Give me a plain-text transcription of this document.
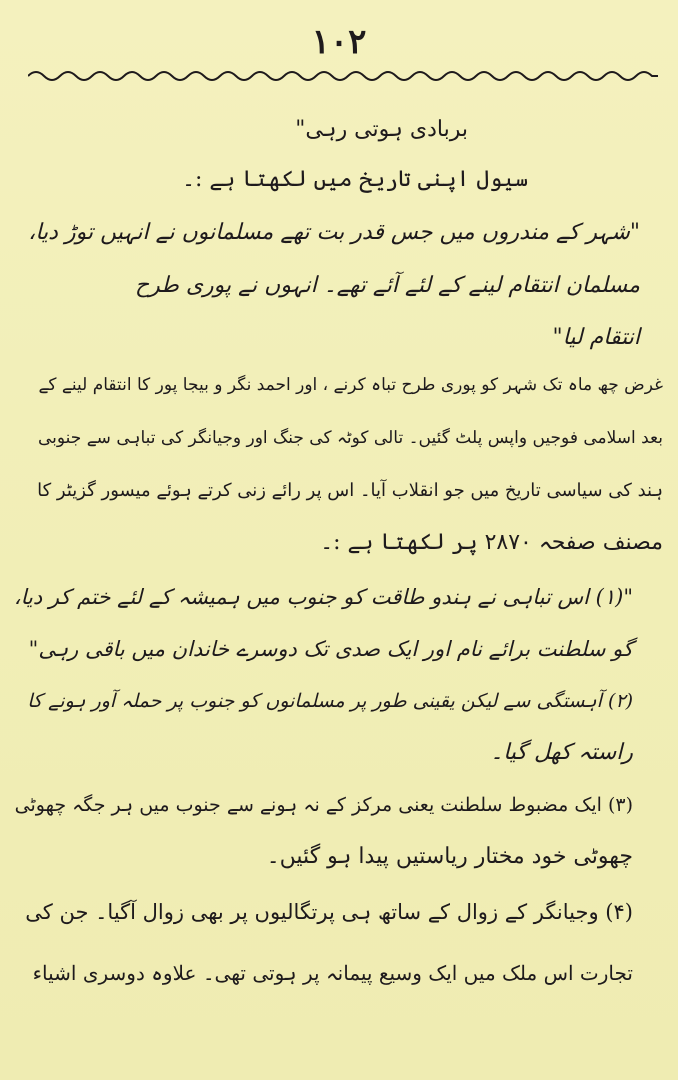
١٠٢
بربادی ہوتی رہی"
سیول اپنی تاریخ میں لکھتا ہے :۔
"شہر کے مندروں میں جس قدر بت تھے مسلمانوں نے انہیں توڑ دیا،
مسلمان انتقام لینے کے لئے آئے تھے۔ انہوں نے پوری طرح
انتقام لیا"
غرض چھ ماہ تک شہر کو پوری طرح تباہ کرنے ، اور احمد نگر و بیجا پور کا انتقام لینے کے
بعد اسلامی فوجیں واپس پلٹ گئیں۔ تالی کوٹہ کی جنگ اور وجیانگر کی تباہی سے جنوبی
ہند کی سیاسی تاریخ میں جو انقلاب آیا۔ اس پر رائے زنی کرتے ہوئے میسور گزیٹر کا
مصنف صفحہ ۲۸۷۰ پر لکھتا ہے :۔
"(۱) اس تباہی نے ہندو طاقت کو جنوب میں ہمیشہ کے لئے ختم کر دیا،
گو سلطنت برائے نام اور ایک صدی تک دوسرے خاندان میں باقی رہی"
(۲) آہستگی سے لیکن یقینی طور پر مسلمانوں کو جنوب پر حملہ آور ہونے کا
راستہ کھل گیا۔
(۳) ایک مضبوط سلطنت یعنی مرکز کے نہ ہونے سے جنوب میں ہر جگہ چھوٹی
چھوٹی خود مختار ریاستیں پیدا ہو گئیں۔
(۴) وجیانگر کے زوال کے ساتھ ہی پرتگالیوں پر بھی زوال آگیا۔ جن کی
تجارت اس ملک میں ایک وسیع پیمانہ پر ہوتی تھی۔ علاوہ دوسری اشیاء
